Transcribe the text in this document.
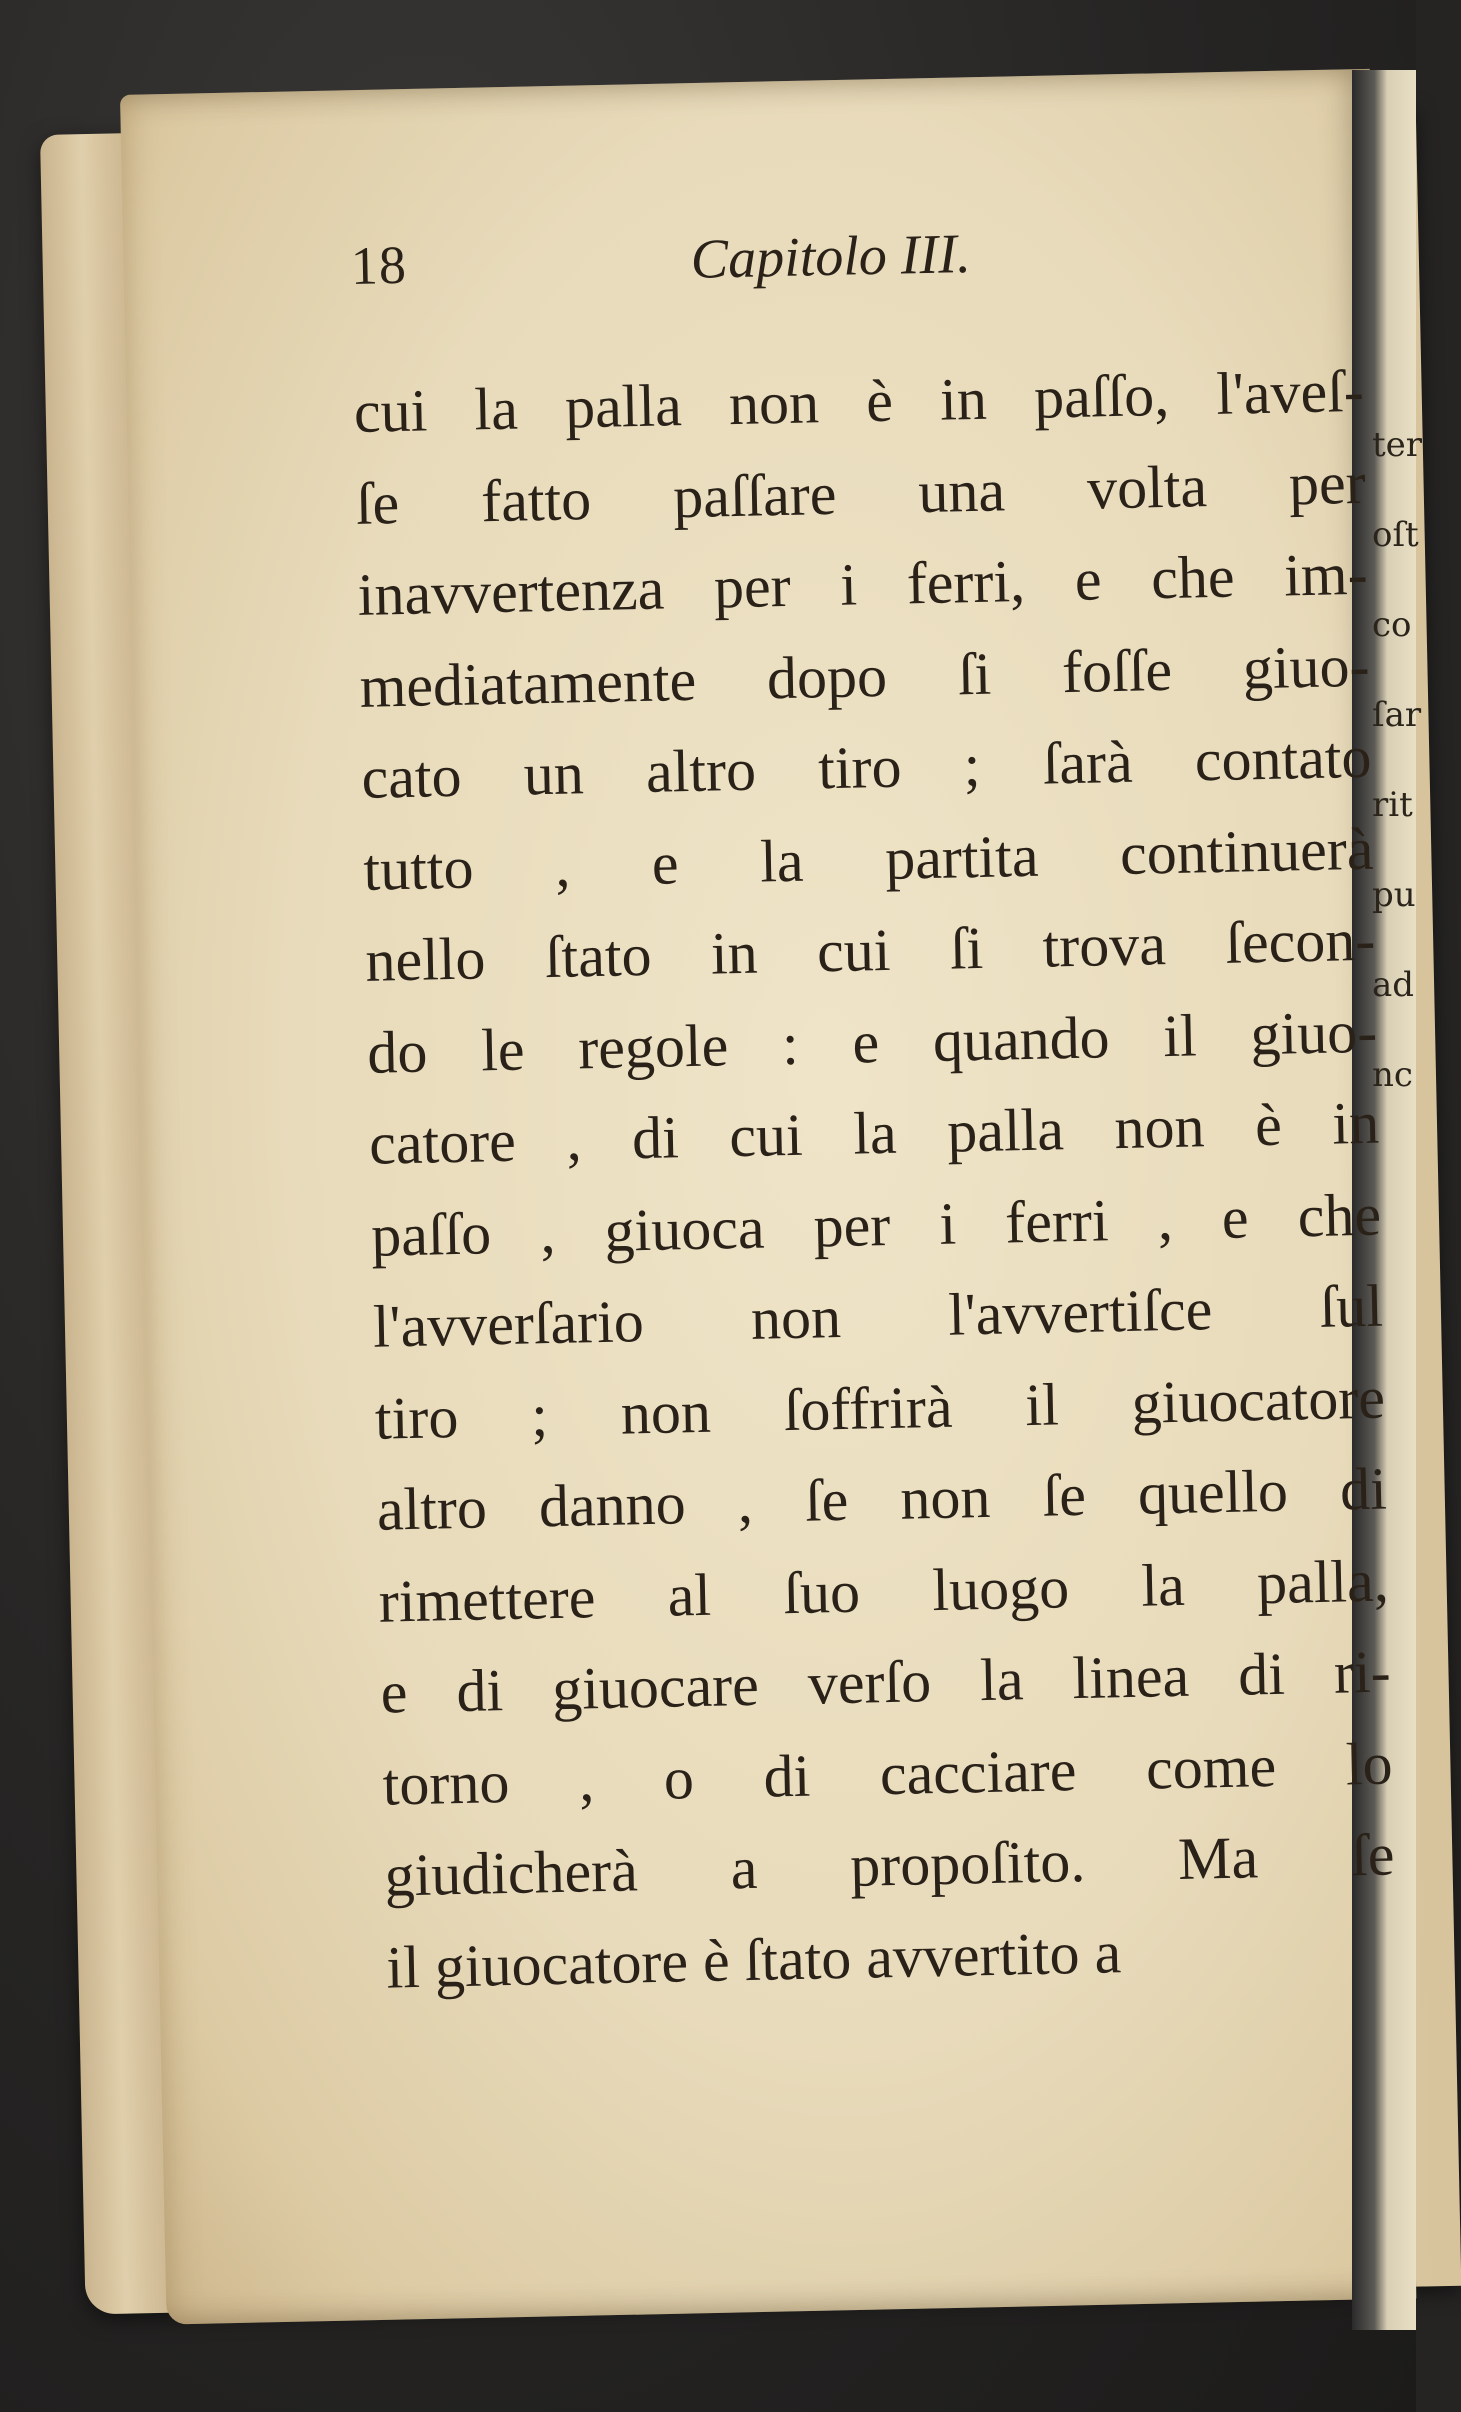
ter
oſt
co
ſar
rit
pu
ad
nc
18	Capitolo III.
cui la palla non è in paſſo, l'aveſ-
ſe fatto paſſare una volta per
inavvertenza per i ferri, e che im-
mediatamente dopo ſi foſſe giuo-
cato un altro tiro ; ſarà contato
tutto , e la partita continuerà
nello ſtato in cui ſi trova ſecon-
do le regole : e quando il giuo-
catore , di cui la palla non è in
paſſo , giuoca per i ferri , e che
l'avverſario non l'avvertiſce ſul
tiro ; non ſoffrirà il giuocatore
altro danno , ſe non ſe quello di
rimettere al ſuo luogo la palla,
e di giuocare verſo la linea di ri-
torno , o di cacciare come lo
giudicherà a propoſito. Ma ſe
il giuocatore è ſtato avvertito a
